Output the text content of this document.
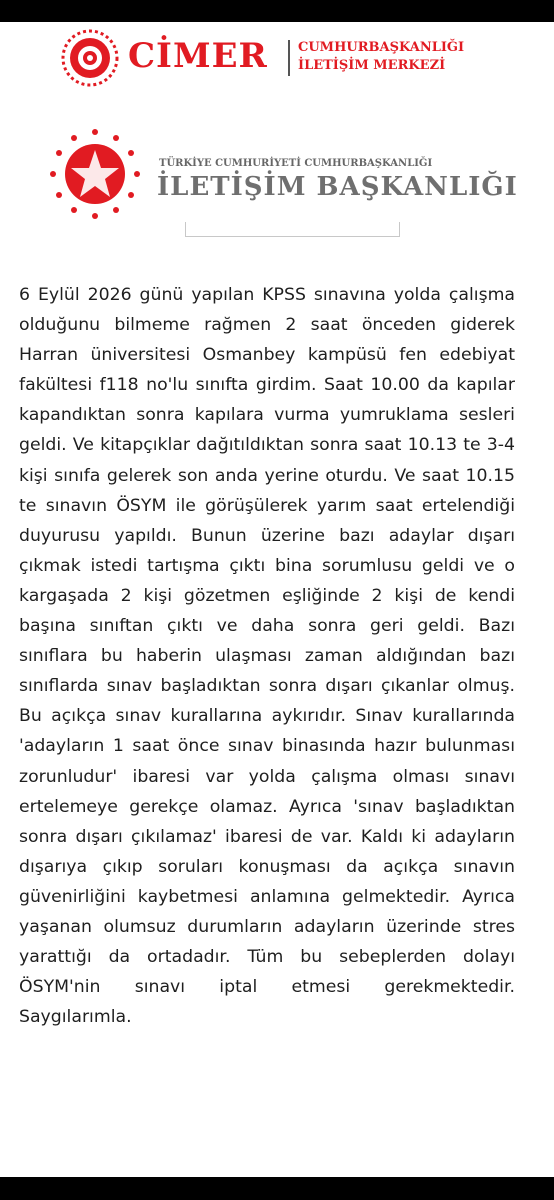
CİMER CUMHURBAŞKANLIĞI
İLETİŞİM MERKEZİ
TÜRKİYE CUMHURİYETİ CUMHURBAŞKANLIĞI
İLETİŞİM BAŞKANLIĞI

6 Eylül 2026 günü yapılan KPSS sınavına yolda çalışma olduğunu bilmeme rağmen 2 saat önceden giderek Harran üniversitesi Osmanbey kampüsü fen edebiyat fakültesi f118 no'lu sınıfta girdim. Saat 10.00 da kapılar kapandıktan sonra kapılara vurma yumruklama sesleri geldi. Ve kitapçıklar dağıtıldıktan sonra saat 10.13 te 3-4 kişi sınıfa gelerek son anda yerine oturdu. Ve saat 10.15 te sınavın ÖSYM ile görüşülerek yarım saat ertelendiği duyurusu yapıldı. Bunun üzerine bazı adaylar dışarı çıkmak istedi tartışma çıktı bina sorumlusu geldi ve o kargaşada 2 kişi gözetmen eşliğinde 2 kişi de kendi başına sınıftan çıktı ve daha sonra geri geldi. Bazı sınıflara bu haberin ulaşması zaman aldığından bazı sınıflarda sınav başladıktan sonra dışarı çıkanlar olmuş. Bu açıkça sınav kurallarına aykırıdır. Sınav kurallarında 'adayların 1 saat önce sınav binasında hazır bulunması zorunludur' ibaresi var yolda çalışma olması sınavı ertelemeye gerekçe olamaz. Ayrıca 'sınav başladıktan sonra dışarı çıkılamaz' ibaresi de var. Kaldı ki adayların dışarıya çıkıp soruları konuşması da açıkça sınavın güvenirliğini kaybetmesi anlamına gelmektedir. Ayrıca yaşanan olumsuz durumların adayların üzerinde stres yarattığı da ortadadır. Tüm bu sebeplerden dolayı ÖSYM'nin sınavı iptal etmesi gerekmektedir. Saygılarımla.
